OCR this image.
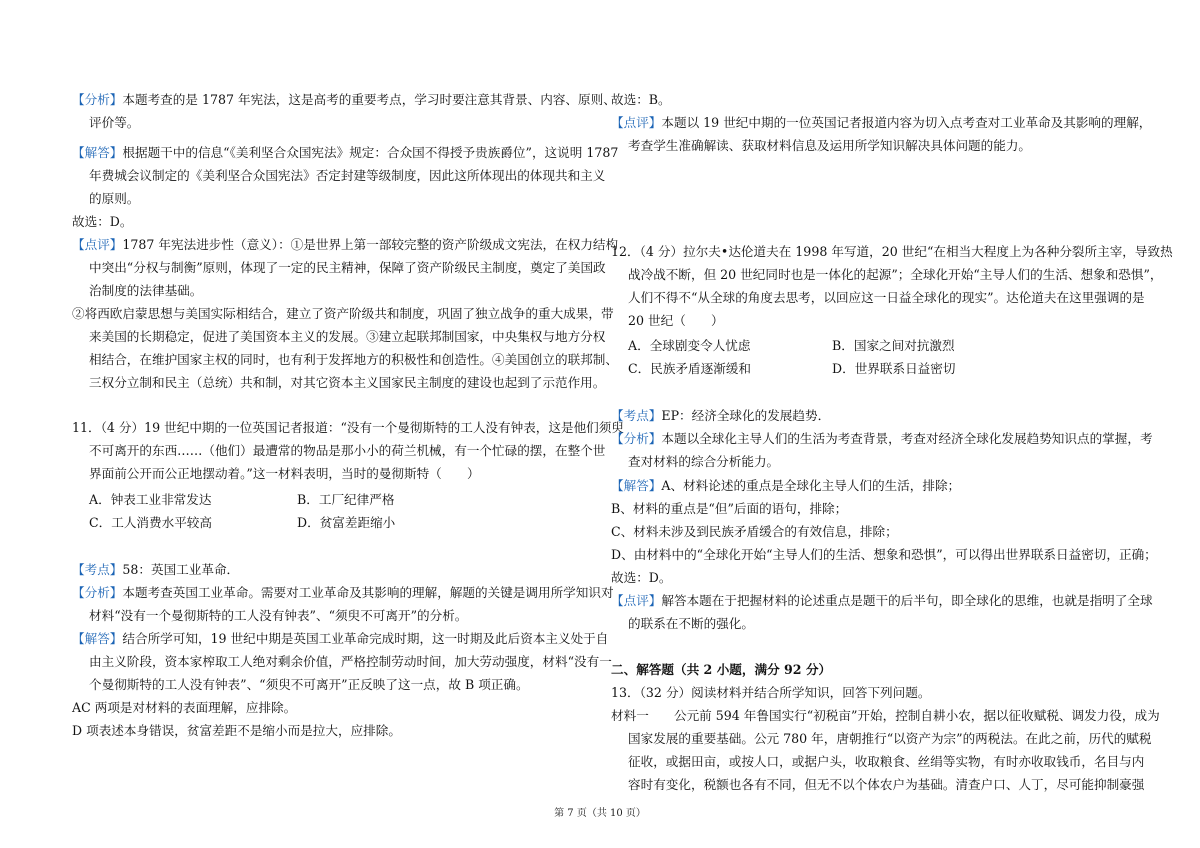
【分析】本题考查的是 1787 年宪法，这是高考的重要考点，学习时要注意其背景、内容、原则、
评价等。
【解答】根据题干中的信息“《美利坚合众国宪法》规定：合众国不得授予贵族爵位”，这说明 1787
年费城会议制定的《美利坚合众国宪法》否定封建等级制度，因此这所体现出的体现共和主义
的原则。
故选：D。
【点评】1787 年宪法进步性（意义）：①是世界上第一部较完整的资产阶级成文宪法，在权力结构
中突出“分权与制衡”原则，体现了一定的民主精神，保障了资产阶级民主制度，奠定了美国政
治制度的法律基础。
②将西欧启蒙思想与美国实际相结合，建立了资产阶级共和制度，巩固了独立战争的重大成果，带
来美国的长期稳定，促进了美国资本主义的发展。③建立起联邦制国家，中央集权与地方分权
相结合，在维护国家主权的同时，也有利于发挥地方的积极性和创造性。④美国创立的联邦制、
三权分立制和民主（总统）共和制，对其它资本主义国家民主制度的建设也起到了示范作用。
11．（4 分）19 世纪中期的一位英国记者报道：“没有一个曼彻斯特的工人没有钟表，这是他们须臾
不可离开的东西……（他们）最遭常的物品是那小小的荷兰机械，有一个忙碌的摆，在整个世
界面前公开而公正地摆动着。”这一材料表明，当时的曼彻斯特（　　）
A．钟表工业非常发达
C．工人消费水平较高
【考点】58：英国工业革命．
【分析】本题考查英国工业革命。需要对工业革命及其影响的理解，解题的关键是调用所学知识对
材料“没有一个曼彻斯特的工人没有钟表”、“须臾不可离开”的分析。
【解答】结合所学可知，19 世纪中期是英国工业革命完成时期，这一时期及此后资本主义处于自
由主义阶段，资本家榨取工人绝对剩余价值，严格控制劳动时间，加大劳动强度，材料“没有一
个曼彻斯特的工人没有钟表”、“须臾不可离开”正反映了这一点，故 B 项正确。
AC 两项是对材料的表面理解，应排除。
D 项表述本身错误，贫富差距不是缩小而是拉大，应排除。
B．工厂纪律严格
D．贫富差距缩小
故选：B。
【点评】本题以 19 世纪中期的一位英国记者报道内容为切入点考查对工业革命及其影响的理解，
考查学生准确解读、获取材料信息及运用所学知识解决具体问题的能力。
12．（4 分）拉尔夫•达伦道夫在 1998 年写道，20 世纪“在相当大程度上为各种分裂所主宰，导致热
战冷战不断，但 20 世纪同时也是一体化的起源”；全球化开始“主导人们的生活、想象和恐惧”，
人们不得不“从全球的角度去思考，以回应这一日益全球化的现实”。达伦道夫在这里强调的是
20 世纪（　　）
A．全球剧变令人忧虑
C．民族矛盾逐渐缓和
【考点】EP：经济全球化的发展趋势．
【分析】本题以全球化主导人们的生活为考查背景，考查对经济全球化发展趋势知识点的掌握，考
查对材料的综合分析能力。
【解答】A、材料论述的重点是全球化主导人们的生活，排除；
B、材料的重点是“但”后面的语句，排除；
C、材料未涉及到民族矛盾缓合的有效信息，排除；
D、由材料中的“全球化开始“主导人们的生活、想象和恐惧”，可以得出世界联系日益密切，正确；
故选：D。
【点评】解答本题在于把握材料的论述重点是题干的后半句，即全球化的思维，也就是指明了全球
的联系在不断的强化。
二、解答题（共 2 小题，满分 92 分）
13．（32 分）阅读材料并结合所学知识，回答下列问题。
材料一　　公元前 594 年鲁国实行“初税亩”开始，控制自耕小农，据以征收赋税、调发力役，成为
国家发展的重要基础。公元 780 年，唐朝推行“以资产为宗”的两税法。在此之前，历代的赋税
征收，或据田亩，或按人口，或据户头，收取粮食、丝绢等实物，有时亦收取钱币，名目与内
容时有变化，税额也各有不同，但无不以个体农户为基础。清查户口、人丁，尽可能抑制豪强
B．国家之间对抗激烈
D．世界联系日益密切
第 7 页（共 10 页）
